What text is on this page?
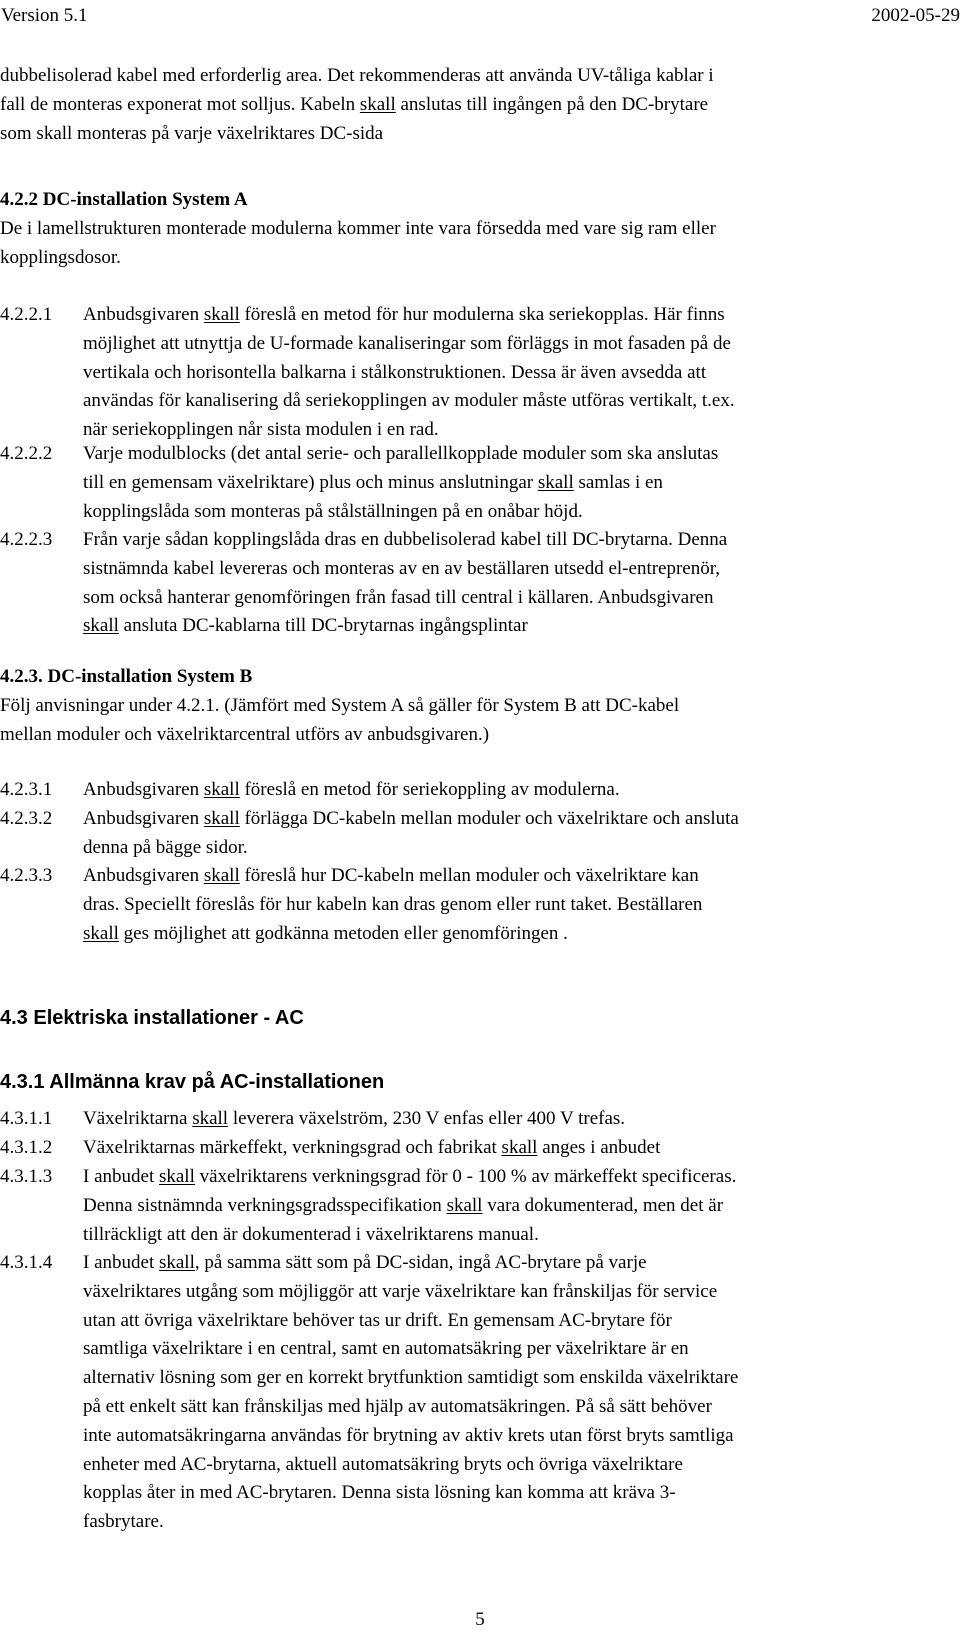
Version 5.1	2002-05-29
dubbelisolerad kabel med erforderlig area. Det rekommenderas att använda UV-tåliga kablar i
fall de monteras exponerat mot solljus. Kabeln skall anslutas till ingången på den DC-brytare
som skall monteras på varje växelriktares DC-sida
4.2.2 DC-installation System A
De i lamellstrukturen monterade modulerna kommer inte vara försedda med vare sig ram eller
kopplingsdosor.
4.2.2.1 Anbudsgivaren skall föreslå en metod för hur modulerna ska seriekopplas. Här finns
möjlighet att utnyttja de U-formade kanaliseringar som förläggs in mot fasaden på de
vertikala och horisontella balkarna i stålkonstruktionen. Dessa är även avsedda att
användas för kanalisering då seriekopplingen av moduler måste utföras vertikalt, t.ex.
när seriekopplingen når sista modulen i en rad.
4.2.2.2 Varje modulblocks (det antal serie- och parallellkopplade moduler som ska anslutas
till en gemensam växelriktare) plus och minus anslutningar skall samlas i en
kopplingslåda som monteras på stålställningen på en onåbar höjd.
4.2.2.3 Från varje sådan kopplingslåda dras en dubbelisolerad kabel till DC-brytarna. Denna
sistnämnda kabel levereras och monteras av en av beställaren utsedd el-entreprenör,
som också hanterar genomföringen från fasad till central i källaren. Anbudsgivaren
skall ansluta DC-kablarna till DC-brytarnas ingångsplintar
4.2.3. DC-installation System B
Följ anvisningar under 4.2.1. (Jämfört med System A så gäller för System B att DC-kabel
mellan moduler och växelriktarcentral utförs av anbudsgivaren.)
4.2.3.1 Anbudsgivaren skall föreslå en metod för seriekoppling av modulerna.
4.2.3.2 Anbudsgivaren skall förlägga DC-kabeln mellan moduler och växelriktare och ansluta
denna på bägge sidor.
4.2.3.3 Anbudsgivaren skall föreslå hur DC-kabeln mellan moduler och växelriktare kan
dras. Speciellt föreslås för hur kabeln kan dras genom eller runt taket. Beställaren
skall ges möjlighet att godkänna metoden eller genomföringen .
4.3 Elektriska installationer - AC
4.3.1 Allmänna krav på AC-installationen
4.3.1.1 Växelriktarna skall leverera växelström, 230 V enfas eller 400 V trefas.
4.3.1.2 Växelriktarnas märkeffekt, verkningsgrad och fabrikat skall anges i anbudet
4.3.1.3 I anbudet skall växelriktarens verkningsgrad för 0 - 100 % av märkeffekt specificeras.
Denna sistnämnda verkningsgradsspecifikation skall vara dokumenterad, men det är
tillräckligt att den är dokumenterad i växelriktarens manual.
4.3.1.4 I anbudet skall, på samma sätt som på DC-sidan, ingå AC-brytare på varje
växelriktares utgång som möjliggör att varje växelriktare kan frånskiljas för service
utan att övriga växelriktare behöver tas ur drift. En gemensam AC-brytare för
samtliga växelriktare i en central, samt en automatsäkring per växelriktare är en
alternativ lösning som ger en korrekt brytfunktion samtidigt som enskilda växelriktare
på ett enkelt sätt kan frånskiljas med hjälp av automatsäkringen. På så sätt behöver
inte automatsäkringarna användas för brytning av aktiv krets utan först bryts samtliga
enheter med AC-brytarna, aktuell automatsäkring bryts och övriga växelriktare
kopplas åter in med AC-brytaren. Denna sista lösning kan komma att kräva 3-
fasbrytare.
5
